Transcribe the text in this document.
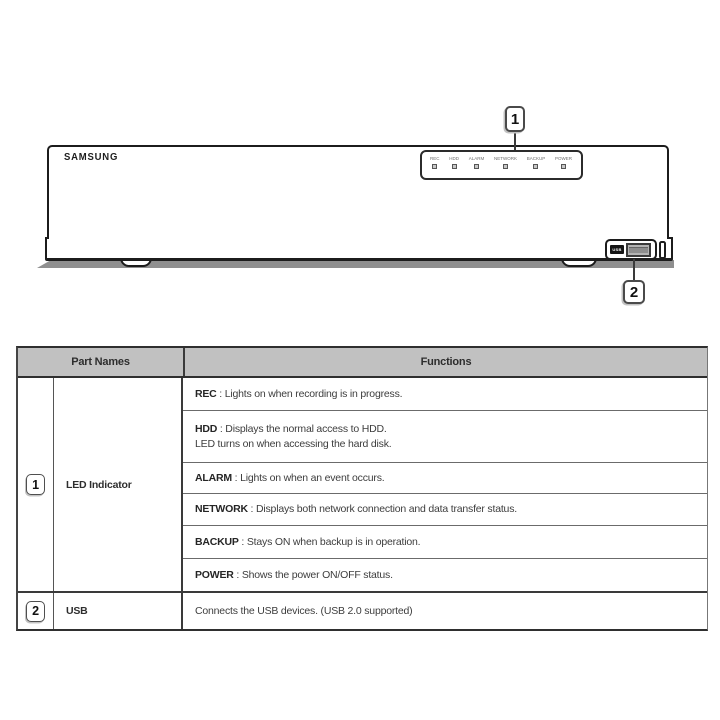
1
SAMSUNG	REC HDD ALARM NETWORK BACKUP POWER
USB
2
Part Names	Functions
1	LED Indicator
REC : Lights on when recording is in progress.
HDD : Displays the normal access to HDD.
LED turns on when accessing the hard disk.
ALARM : Lights on when an event occurs.
NETWORK : Displays both network connection and data transfer status.
BACKUP : Stays ON when backup is in operation.
POWER : Shows the power ON/OFF status.
2	USB	Connects the USB devices. (USB 2.0 supported)
